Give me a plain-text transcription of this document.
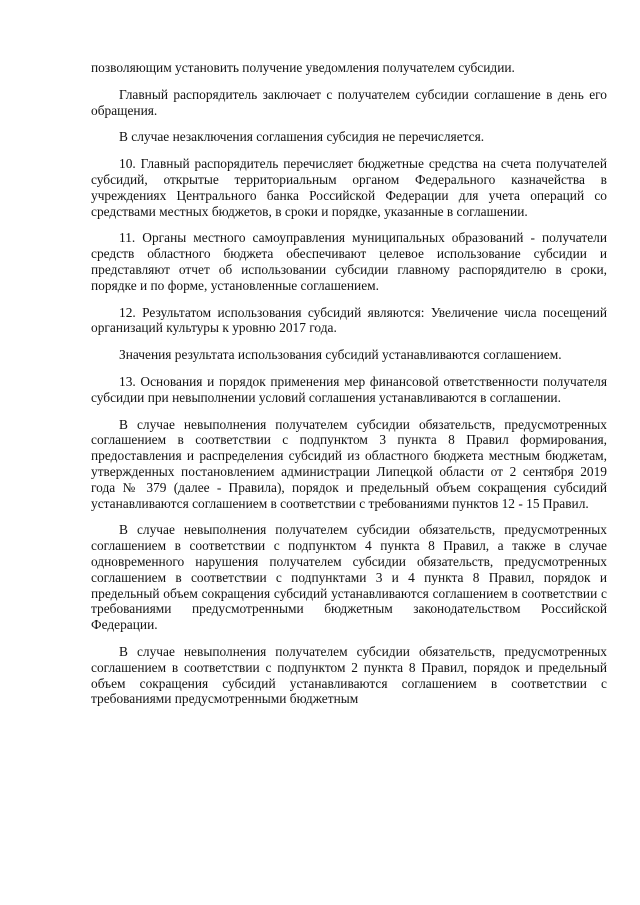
позволяющим установить получение уведомления получателем субсидии.

Главный распорядитель заключает с получателем субсидии соглашение в день его обращения.

В случае незаключения соглашения субсидия не перечисляется.

10. Главный распорядитель перечисляет бюджетные средства на счета получателей субсидий, открытые территориальным органом Федерального казначейства в учреждениях Центрального банка Российской Федерации для учета операций со средствами местных бюджетов, в сроки и порядке, указанные в соглашении.

11. Органы местного самоуправления муниципальных образований - получатели средств областного бюджета обеспечивают целевое использование субсидии и представляют отчет об использовании субсидии главному распорядителю в сроки, порядке и по форме, установленные соглашением.

12. Результатом использования субсидий являются: Увеличение числа посещений организаций культуры к уровню 2017 года.

Значения результата использования субсидий устанавливаются соглашением.

13. Основания и порядок применения мер финансовой ответственности получателя субсидии при невыполнении условий соглашения устанавливаются в соглашении.

В случае невыполнения получателем субсидии обязательств, предусмотренных соглашением в соответствии с подпунктом 3 пункта 8 Правил формирования, предоставления и распределения субсидий из областного бюджета местным бюджетам, утвержденных постановлением администрации Липецкой области от 2 сентября 2019 года № 379 (далее - Правила), порядок и предельный объем сокращения субсидий устанавливаются соглашением в соответствии с требованиями пунктов 12 - 15 Правил.

В случае невыполнения получателем субсидии обязательств, предусмотренных соглашением в соответствии с подпунктом 4 пункта 8 Правил, а также в случае одновременного нарушения получателем субсидии обязательств, предусмотренных соглашением в соответствии с подпунктами 3 и 4 пункта 8 Правил, порядок и предельный объем сокращения субсидий устанавливаются соглашением в соответствии с требованиями предусмотренными бюджетным законодательством Российской Федерации.

В случае невыполнения получателем субсидии обязательств, предусмотренных соглашением в соответствии с подпунктом 2 пункта 8 Правил, порядок и предельный объем сокращения субсидий устанавливаются соглашением в соответствии с требованиями предусмотренными бюджетным
